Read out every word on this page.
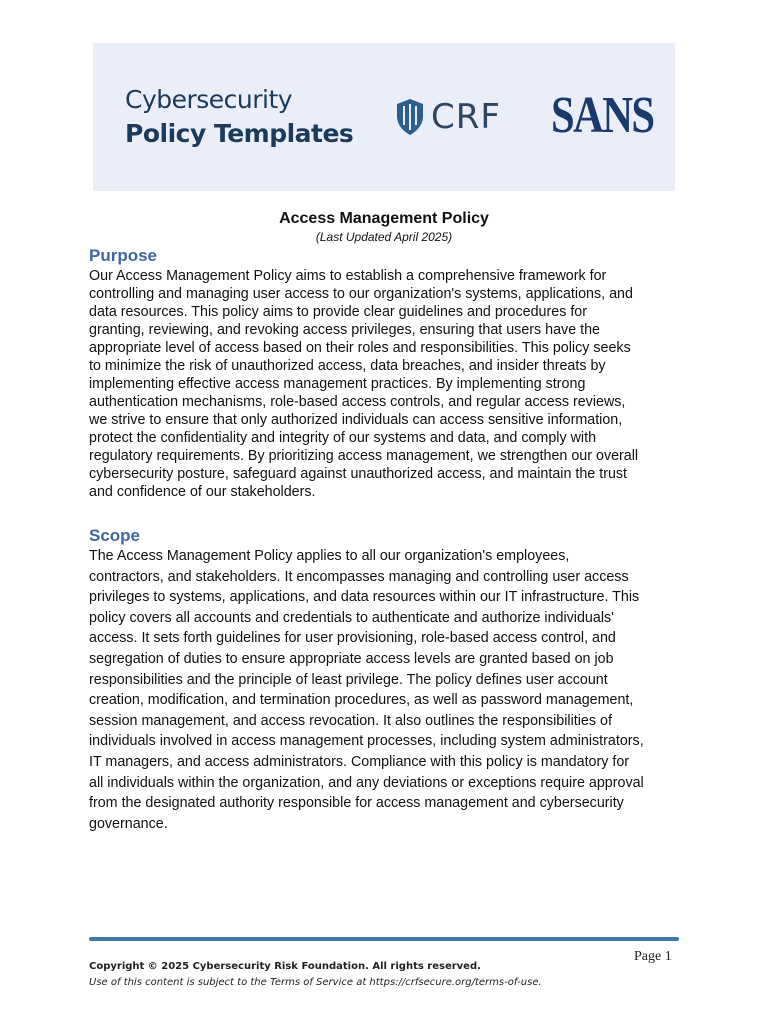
Cybersecurity
Policy Templates CRF SANS
Access Management Policy
(Last Updated April 2025)
Purpose

Our Access Management Policy aims to establish a comprehensive framework for
controlling and managing user access to our organization's systems, applications, and
data resources. This policy aims to provide clear guidelines and procedures for
granting, reviewing, and revoking access privileges, ensuring that users have the
appropriate level of access based on their roles and responsibilities. This policy seeks
to minimize the risk of unauthorized access, data breaches, and insider threats by
implementing effective access management practices. By implementing strong
authentication mechanisms, role-based access controls, and regular access reviews,
we strive to ensure that only authorized individuals can access sensitive information,
protect the confidentiality and integrity of our systems and data, and comply with
regulatory requirements. By prioritizing access management, we strengthen our overall
cybersecurity posture, safeguard against unauthorized access, and maintain the trust
and confidence of our stakeholders.

Scope

The Access Management Policy applies to all our organization's employees,
contractors, and stakeholders. It encompasses managing and controlling user access
privileges to systems, applications, and data resources within our IT infrastructure. This
policy covers all accounts and credentials to authenticate and authorize individuals'
access. It sets forth guidelines for user provisioning, role-based access control, and
segregation of duties to ensure appropriate access levels are granted based on job
responsibilities and the principle of least privilege. The policy defines user account
creation, modification, and termination procedures, as well as password management,
session management, and access revocation. It also outlines the responsibilities of
individuals involved in access management processes, including system administrators,
IT managers, and access administrators. Compliance with this policy is mandatory for
all individuals within the organization, and any deviations or exceptions require approval
from the designated authority responsible for access management and cybersecurity
governance.

Page 1
Copyright © 2025 Cybersecurity Risk Foundation. All rights reserved.
Use of this content is subject to the Terms of Service at https://crfsecure.org/terms-of-use.
